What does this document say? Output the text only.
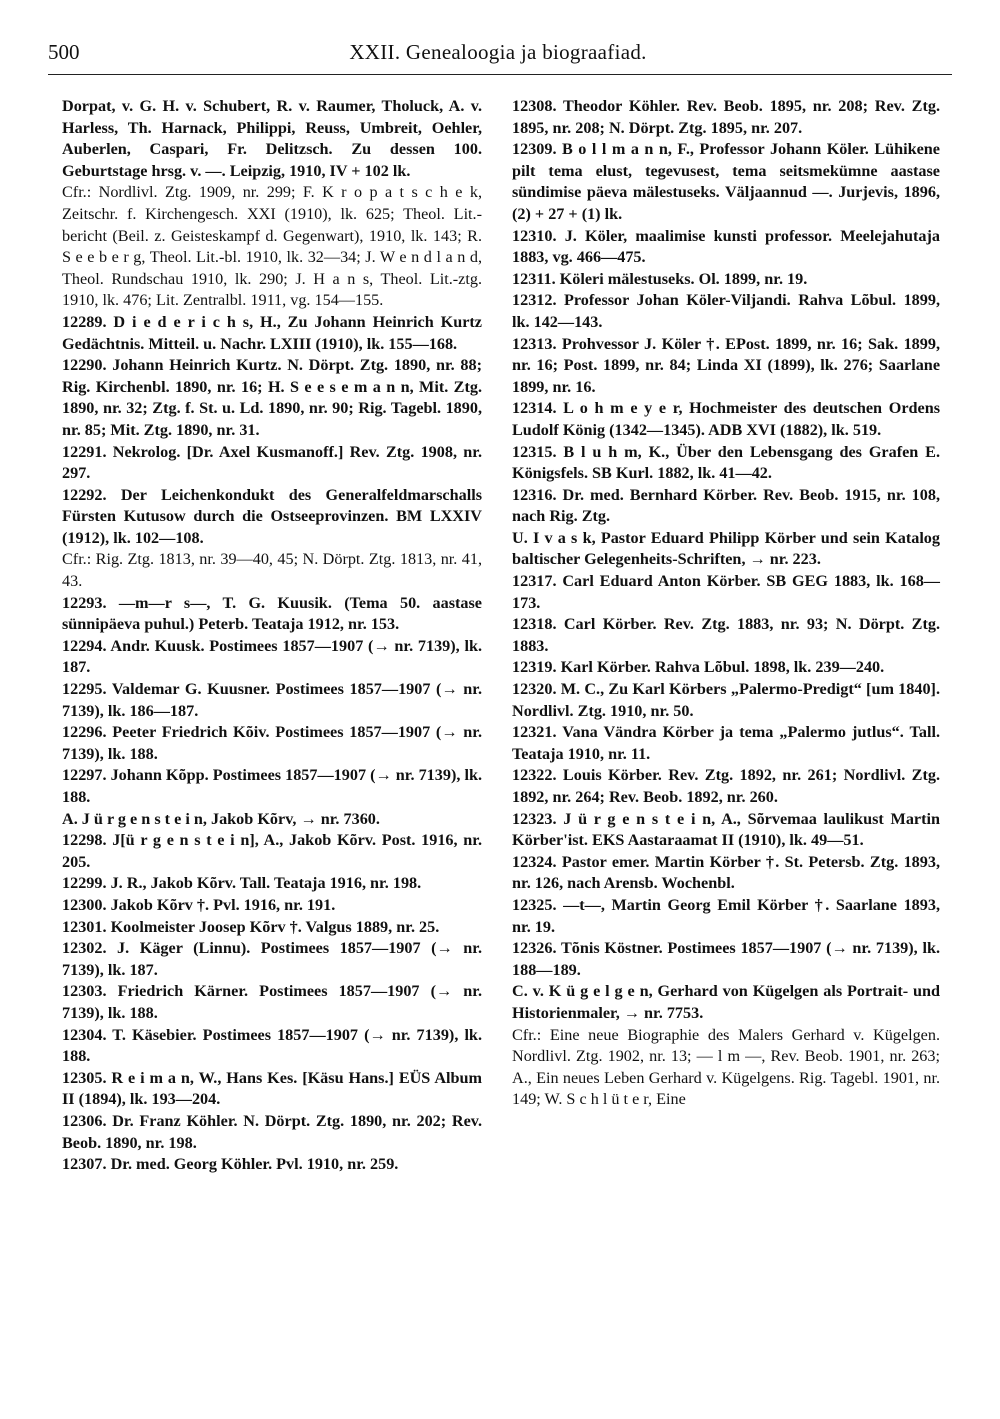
500	XXII. Genealoogia ja biograafiad.
Dorpat, v. G. H. v. Schubert, R. v. Raumer, Tholuck, A. v. Harless, Th. Harnack, Philippi, Reuss, Umbreit, Oehler, Auberlen, Caspari, Fr. Delitzsch. Zu dessen 100. Geburtstage hrsg. v. —. Leipzig, 1910, IV + 102 lk.
Cfr.: Nordlivl. Ztg. 1909, nr. 299; F. K r o p a t s c h e k, Zeitschr. f. Kirchengesch. XXI (1910), lk. 625; Theol. Lit.-bericht (Beil. z. Geisteskampf d. Gegenwart), 1910, lk. 143; R. S e e b e r g, Theol. Lit.-bl. 1910, lk. 32—34; J. W e n d l a n d, Theol. Rundschau 1910, lk. 290; J. H a n s, Theol. Lit.-ztg. 1910, lk. 476; Lit. Zentralbl. 1911, vg. 154—155.
12289. D i e d e r i c h s, H., Zu Johann Heinrich Kurtz Gedächtnis. Mitteil. u. Nachr. LXIII (1910), lk. 155—168.
12290. Johann Heinrich Kurtz. N. Dörpt. Ztg. 1890, nr. 88; Rig. Kirchenbl. 1890, nr. 16; H. S e e s e m a n n, Mit. Ztg. 1890, nr. 32; Ztg. f. St. u. Ld. 1890, nr. 90; Rig. Tagebl. 1890, nr. 85; Mit. Ztg. 1890, nr. 31.
12291. Nekrolog. [Dr. Axel Kusmanoff.] Rev. Ztg. 1908, nr. 297.
12292. Der Leichenkondukt des Generalfeldmarschalls Fürsten Kutusow durch die Ostseeprovinzen. BM LXXIV (1912), lk. 102—108.
Cfr.: Rig. Ztg. 1813, nr. 39—40, 45; N. Dörpt. Ztg. 1813, nr. 41, 43.
12293. —m—r s—, T. G. Kuusik. (Tema 50. aastase sünnipäeva puhul.) Peterb. Teataja 1912, nr. 153.
12294. Andr. Kuusk. Postimees 1857—1907 (→ nr. 7139), lk. 187.
12295. Valdemar G. Kuusner. Postimees 1857—1907 (→ nr. 7139), lk. 186—187.
12296. Peeter Friedrich Kõiv. Postimees 1857—1907 (→ nr. 7139), lk. 188.
12297. Johann Kõpp. Postimees 1857—1907 (→ nr. 7139), lk. 188.
A. J ü r g e n s t e i n, Jakob Kõrv, → nr. 7360.
12298. J[ü r g e n s t e i n], A., Jakob Kõrv. Post. 1916, nr. 205.
12299. J. R., Jakob Kõrv. Tall. Teataja 1916, nr. 198.
12300. Jakob Kõrv †. Pvl. 1916, nr. 191.
12301. Koolmeister Joosep Kõrv †. Valgus 1889, nr. 25.
12302. J. Käger (Linnu). Postimees 1857—1907 (→ nr. 7139), lk. 187.
12303. Friedrich Kärner. Postimees 1857—1907 (→ nr. 7139), lk. 188.
12304. T. Käsebier. Postimees 1857—1907 (→ nr. 7139), lk. 188.
12305. R e i m a n, W., Hans Kes. [Käsu Hans.] EÜS Album II (1894), lk. 193—204.
12306. Dr. Franz Köhler. N. Dörpt. Ztg. 1890, nr. 202; Rev. Beob. 1890, nr. 198.
12307. Dr. med. Georg Köhler. Pvl. 1910, nr. 259.
12308. Theodor Köhler. Rev. Beob. 1895, nr. 208; Rev. Ztg. 1895, nr. 208; N. Dörpt. Ztg. 1895, nr. 207.
12309. B o l l m a n n, F., Professor Johann Köler. Lühikene pilt tema elust, tegevusest, tema seitsmekümne aastase sündimise päeva mälestuseks. Väljaannud —. Jurjevis, 1896, (2) + 27 + (1) lk.
12310. J. Köler, maalimise kunsti professor. Meelejahutaja 1883, vg. 466—475.
12311. Köleri mälestuseks. Ol. 1899, nr. 19.
12312. Professor Johan Köler-Viljandi. Rahva Lõbul. 1899, lk. 142—143.
12313. Prohvessor J. Köler †. EPost. 1899, nr. 16; Sak. 1899, nr. 16; Post. 1899, nr. 84; Linda XI (1899), lk. 276; Saarlane 1899, nr. 16.
12314. L o h m e y e r, Hochmeister des deutschen Ordens Ludolf König (1342—1345). ADB XVI (1882), lk. 519.
12315. B l u h m, K., Über den Lebensgang des Grafen E. Königsfels. SB Kurl. 1882, lk. 41—42.
12316. Dr. med. Bernhard Körber. Rev. Beob. 1915, nr. 108, nach Rig. Ztg.
U. I v a s k, Pastor Eduard Philipp Körber und sein Katalog baltischer Gelegenheits-Schriften, → nr. 223.
12317. Carl Eduard Anton Körber. SB GEG 1883, lk. 168—173.
12318. Carl Körber. Rev. Ztg. 1883, nr. 93; N. Dörpt. Ztg. 1883.
12319. Karl Körber. Rahva Lõbul. 1898, lk. 239—240.
12320. M. C., Zu Karl Körbers „Palermo-Predigt“ [um 1840]. Nordlivl. Ztg. 1910, nr. 50.
12321. Vana Vändra Körber ja tema „Palermo jutlus“. Tall. Teataja 1910, nr. 11.
12322. Louis Körber. Rev. Ztg. 1892, nr. 261; Nordlivl. Ztg. 1892, nr. 264; Rev. Beob. 1892, nr. 260.
12323. J ü r g e n s t e i n, A., Sõrvemaa laulikust Martin Körber'ist. EKS Aastaraamat II (1910), lk. 49—51.
12324. Pastor emer. Martin Körber †. St. Petersb. Ztg. 1893, nr. 126, nach Arensb. Wochenbl.
12325. —t—, Martin Georg Emil Körber †. Saarlane 1893, nr. 19.
12326. Tõnis Köstner. Postimees 1857—1907 (→ nr. 7139), lk. 188—189.
C. v. K ü g e l g e n, Gerhard von Kügelgen als Portrait- und Historienmaler, → nr. 7753.
Cfr.: Eine neue Biographie des Malers Gerhard v. Kügelgen. Nordlivl. Ztg. 1902, nr. 13; — l m —, Rev. Beob. 1901, nr. 263; A., Ein neues Leben Gerhard v. Kügelgens. Rig. Tagebl. 1901, nr. 149; W. S c h l ü t e r, Eine
